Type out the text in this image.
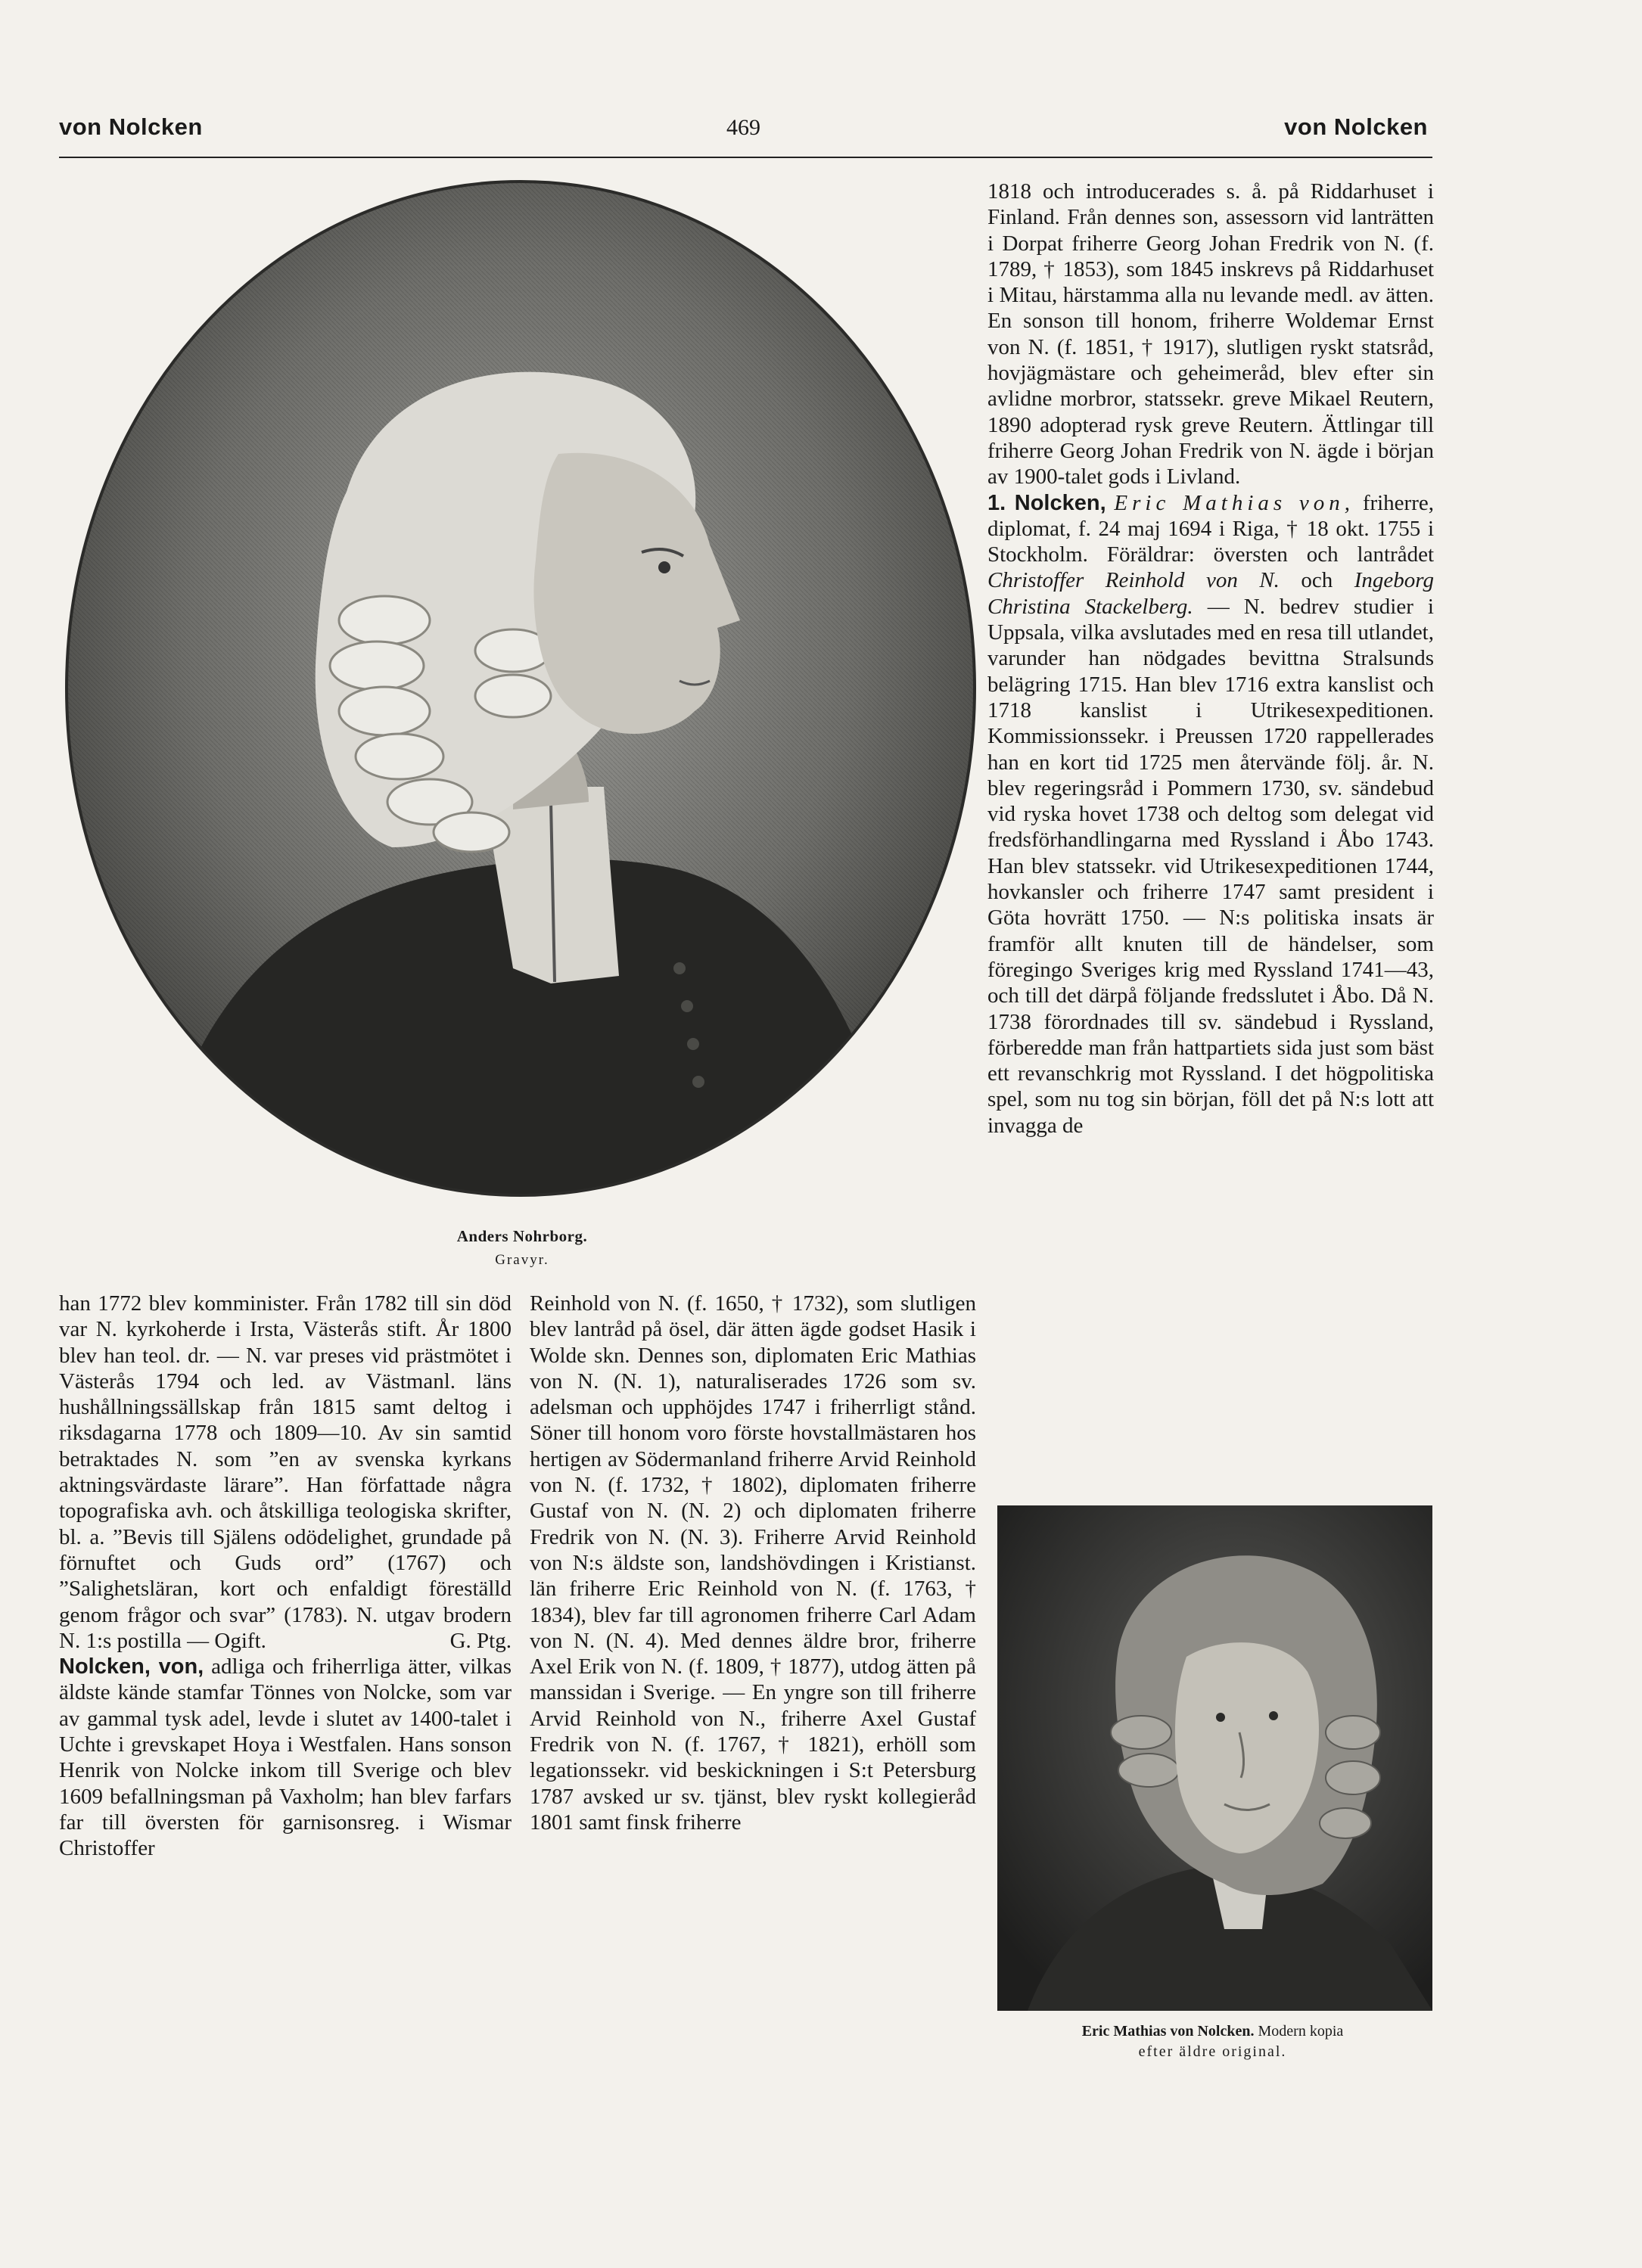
von Nolcken	469	von Nolcken
Anders Nohrborg.
Gravyr.

han 1772 blev komminister. Från 1782 till sin död var N. kyrkoherde i Irsta, Västerås stift. År 1800 blev han teol. dr. — N. var preses vid prästmötet i Västerås 1794 och led. av Västmanl. läns hushållningssällskap från 1815 samt deltog i riksdagarna 1778 och 1809—10. Av sin samtid betraktades N. som ”en av svenska kyrkans aktningsvärdaste lärare”. Han författade några topografiska avh. och åtskilliga teologiska skrifter, bl. a. ”Bevis till Själens odödelighet, grundade på förnuftet och Guds ord” (1767) och ”Salighetsläran, kort och enfaldigt föreställd genom frågor och svar” (1783). N. utgav brodern N. 1:s postilla — Ogift.	G. Ptg.

Nolcken, von, adliga och friherrliga ätter, vilkas äldste kände stamfar Tönnes von Nolcke, som var av gammal tysk adel, levde i slutet av 1400-talet i Uchte i grevskapet Hoya i Westfalen. Hans sonson Henrik von Nolcke inkom till Sverige och blev 1609 befallningsman på Vaxholm; han blev farfars far till översten för garnisonsreg. i Wismar Christoffer

Reinhold von N. (f. 1650, † 1732), som slutligen blev lantråd på ösel, där ätten ägde godset Hasik i Wolde skn. Dennes son, diplomaten Eric Mathias von N. (N. 1), naturaliserades 1726 som sv. adelsman och upphöjdes 1747 i friherrligt stånd. Söner till honom voro förste hovstallmästaren hos hertigen av Södermanland friherre Arvid Reinhold von N. (f. 1732, † 1802), diplomaten friherre Gustaf von N. (N. 2) och diplomaten friherre Fredrik von N. (N. 3). Friherre Arvid Reinhold von N:s äldste son, landshövdingen i Kristianst. län friherre Eric Reinhold von N. (f. 1763, † 1834), blev far till agronomen friherre Carl Adam von N. (N. 4). Med dennes äldre bror, friherre Axel Erik von N. (f. 1809, † 1877), utdog ätten på manssidan i Sverige. — En yngre son till friherre Arvid Reinhold von N., friherre Axel Gustaf Fredrik von N. (f. 1767, † 1821), erhöll som legationssekr. vid beskickningen i S:t Petersburg 1787 avsked ur sv. tjänst, blev ryskt kollegieråd 1801 samt finsk friherre

1818 och introducerades s. å. på Riddarhuset i Finland. Från dennes son, assessorn vid lanträtten i Dorpat friherre Georg Johan Fredrik von N. (f. 1789, † 1853), som 1845 inskrevs på Riddarhuset i Mitau, härstamma alla nu levande medl. av ätten. En sonson till honom, friherre Woldemar Ernst von N. (f. 1851, † 1917), slutligen ryskt statsråd, hovjägmästare och geheimeråd, blev efter sin avlidne morbror, statssekr. greve Mikael Reutern, 1890 adopterad rysk greve Reutern. Ättlingar till friherre Georg Johan Fredrik von N. ägde i början av 1900-talet gods i Livland.

1. Nolcken, Eric Mathias von, friherre, diplomat, f. 24 maj 1694 i Riga, † 18 okt. 1755 i Stockholm. Föräldrar: översten och lantrådet Christoffer Reinhold von N. och Ingeborg Christina Stackelberg. — N. bedrev studier i Uppsala, vilka avslutades med en resa till utlandet, varunder han nödgades bevittna Stralsunds belägring 1715. Han blev 1716 extra kanslist och 1718 kanslist i Utrikesexpeditionen. Kommissionssekr. i Preussen 1720 rappellerades han en kort tid 1725 men återvände följ. år. N. blev regeringsråd i Pommern 1730, sv. sändebud vid ryska hovet 1738 och deltog som delegat vid fredsförhandlingarna med Ryssland i Åbo 1743. Han blev statssekr. vid Utrikesexpeditionen 1744, hovkansler och friherre 1747 samt president i Göta hovrätt 1750. — N:s politiska insats är framför allt knuten till de händelser, som föregingo Sveriges krig med Ryssland 1741—43, och till det därpå följande fredsslutet i Åbo. Då N. 1738 förordnades till sv. sändebud i Ryssland, förberedde man från hattpartiets sida just som bäst ett revanschkrig mot Ryssland. I det högpolitiska spel, som nu tog sin början, föll det på N:s lott att invagga de

Eric Mathias von Nolcken. Modern kopia
efter äldre original.
